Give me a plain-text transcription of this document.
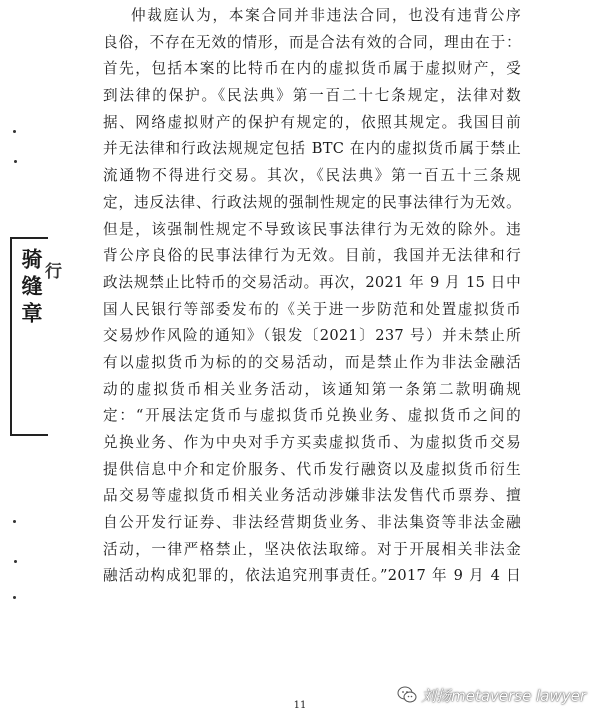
仲裁庭认为，本案合同并非违法合同，也没有违背公序
良俗，不存在无效的情形，而是合法有效的合同，理由在于：
首先，包括本案的比特币在内的虚拟货币属于虚拟财产，受
到法律的保护。《民法典》第一百二十七条规定，法律对数
据、网络虚拟财产的保护有规定的，依照其规定。我国目前
并无法律和行政法规规定包括 BTC 在内的虚拟货币属于禁止
流通物不得进行交易。其次，《民法典》第一百五十三条规
定，违反法律、行政法规的强制性规定的民事法律行为无效。
但是，该强制性规定不导致该民事法律行为无效的除外。违
背公序良俗的民事法律行为无效。目前，我国并无法律和行
政法规禁止比特币的交易活动。再次，2021 年 9 月 15 日中
国人民银行等部委发布的《关于进一步防范和处置虚拟货币
交易炒作风险的通知》（银发〔2021〕237 号）并未禁止所
有以虚拟货币为标的的交易活动，而是禁止作为非法金融活
动的虚拟货币相关业务活动，该通知第一条第二款明确规
定：“开展法定货币与虚拟货币兑换业务、虚拟货币之间的
兑换业务、作为中央对手方买卖虚拟货币、为虚拟货币交易
提供信息中介和定价服务、代币发行融资以及虚拟货币衍生
品交易等虚拟货币相关业务活动涉嫌非法发售代币票券、擅
自公开发行证券、非法经营期货业务、非法集资等非法金融
活动，一律严格禁止，坚决依法取缔。对于开展相关非法金
融活动构成犯罪的，依法追究刑事责任。”2017 年 9 月 4 日
骑缝章
行
11
刘扬metaverse lawyer
